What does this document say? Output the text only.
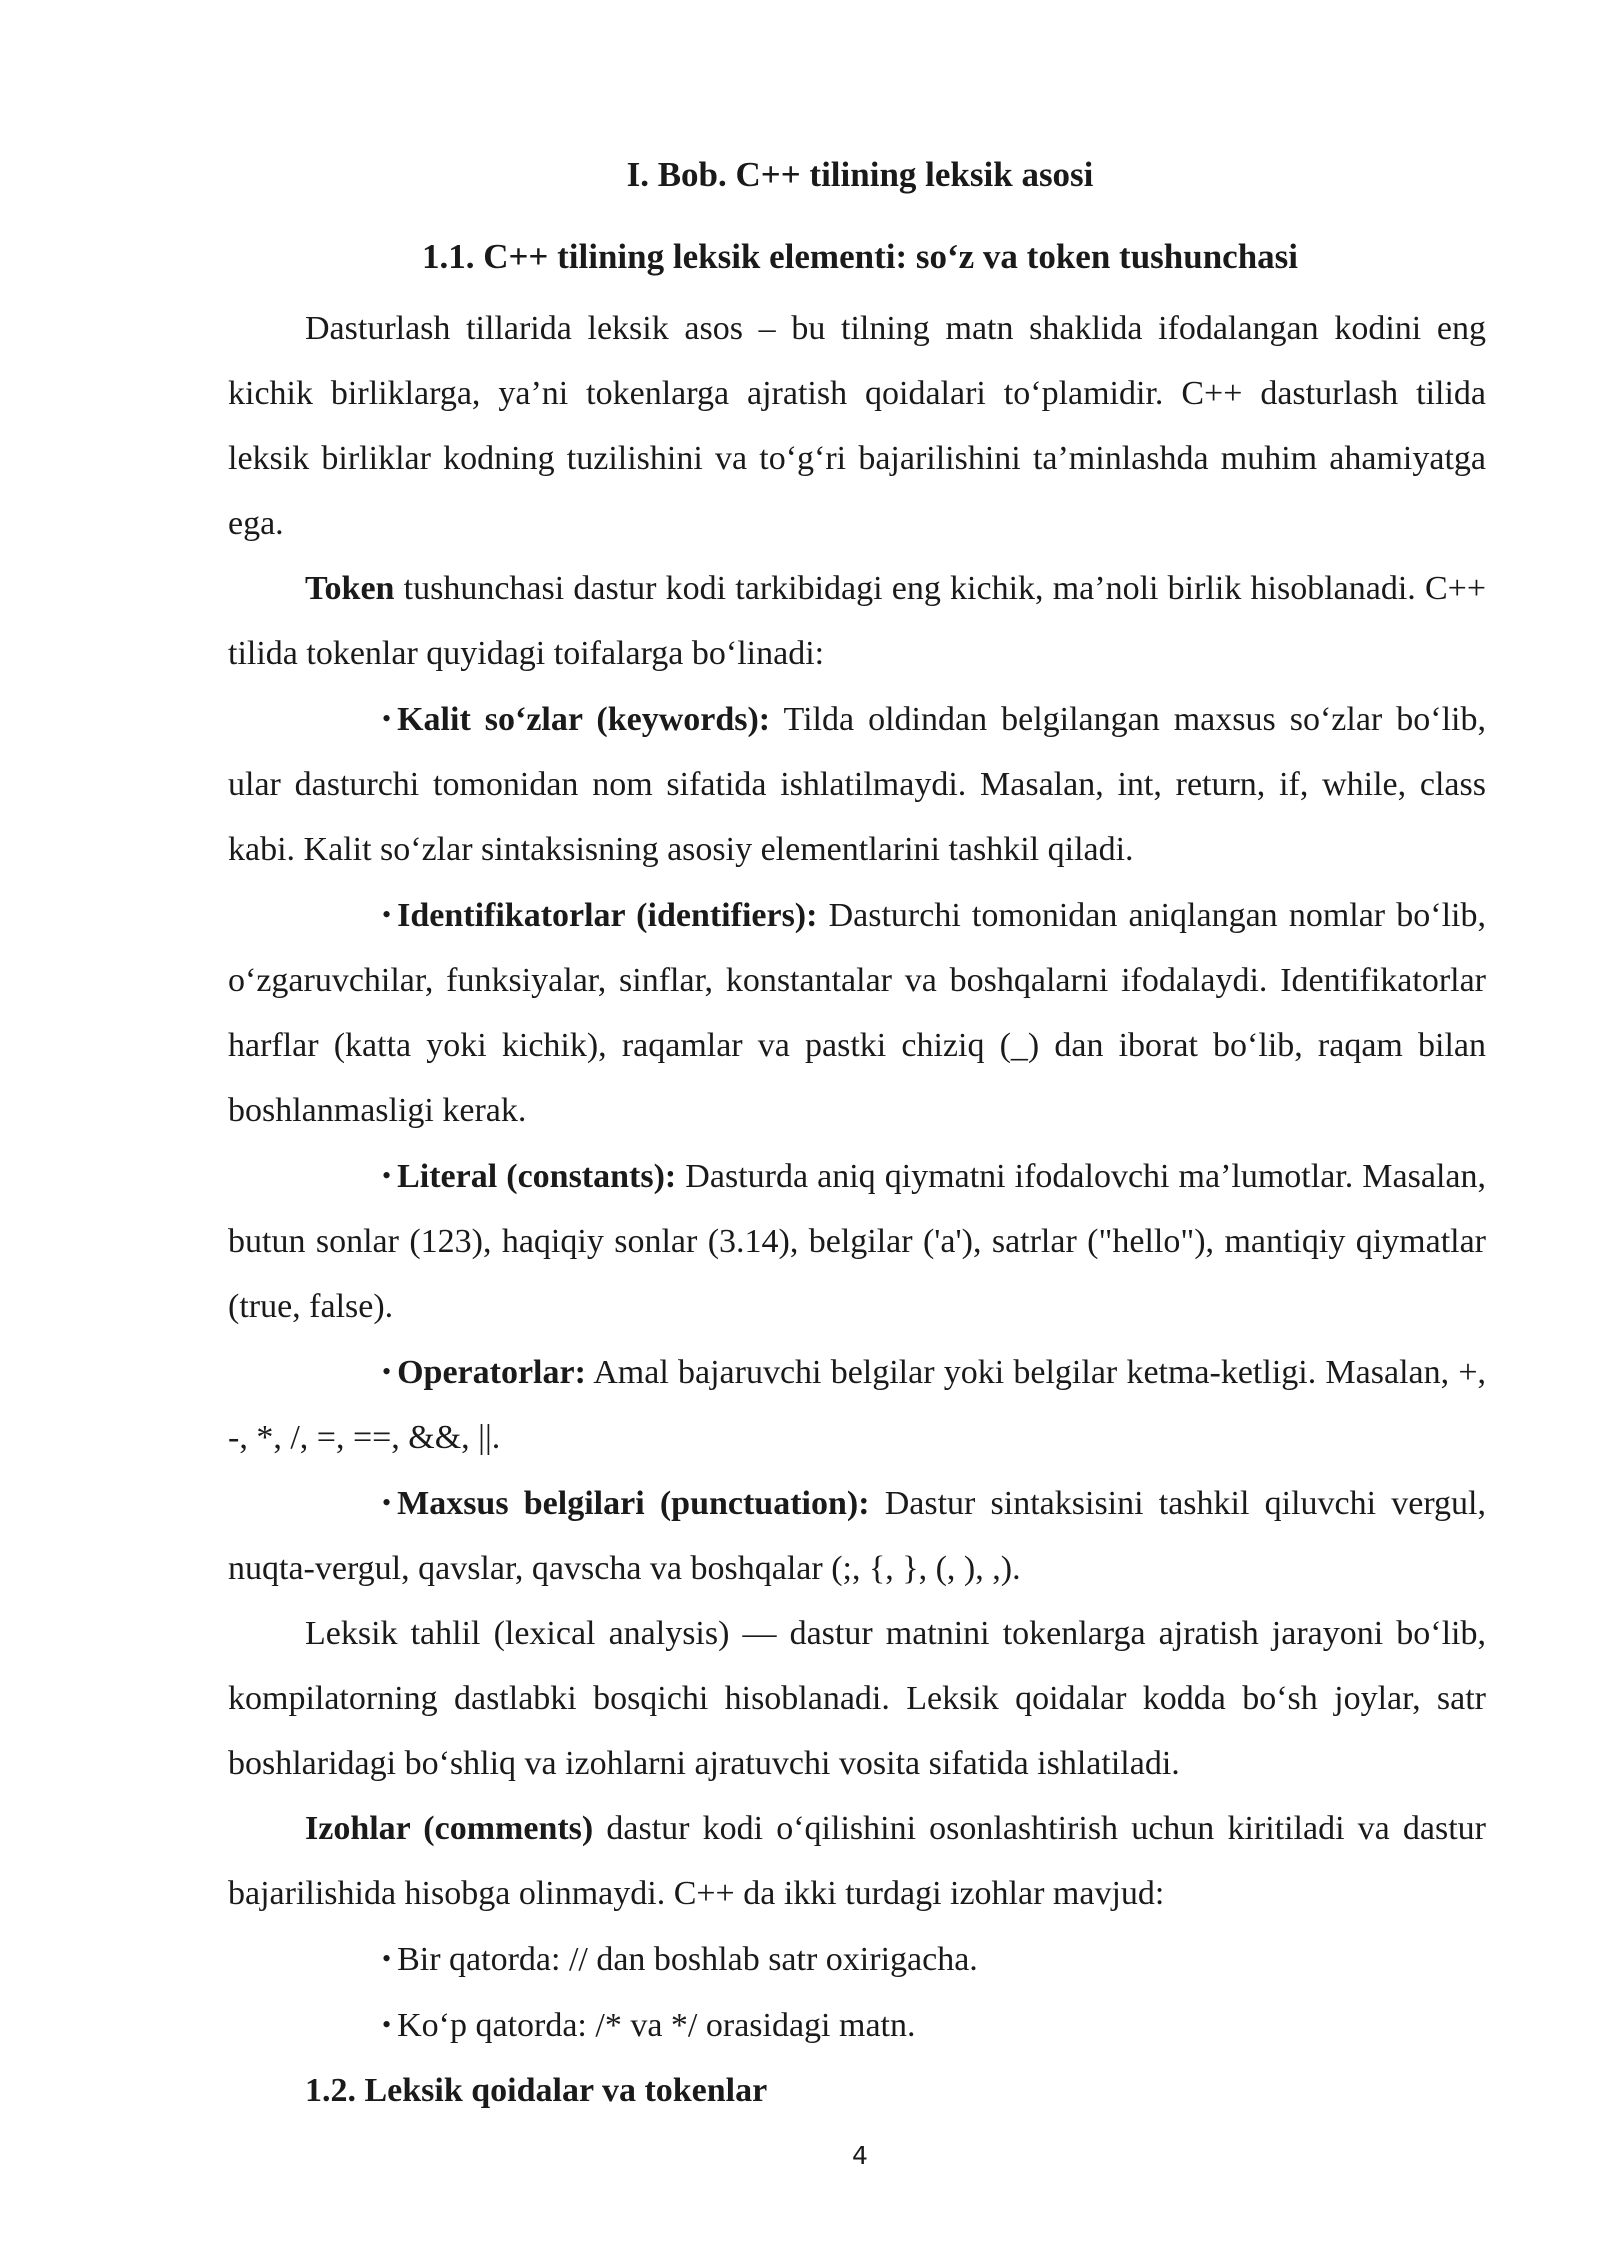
I. Bob. C++ tilining leksik asosi
1.1. C++ tilining leksik elementi: so‘z va token tushunchasi

Dasturlash tillarida leksik asos – bu tilning matn shaklida ifodalangan kodini eng kichik birliklarga, ya’ni tokenlarga ajratish qoidalari to‘plamidir. C++ dasturlash tilida leksik birliklar kodning tuzilishini va to‘g‘ri bajarilishini ta’minlashda muhim ahamiyatga ega.

Token tushunchasi dastur kodi tarkibidagi eng kichik, ma’noli birlik hisoblanadi. C++ tilida tokenlar quyidagi toifalarga bo‘linadi:

• Kalit so‘zlar (keywords): Tilda oldindan belgilangan maxsus so‘zlar bo‘lib, ular dasturchi tomonidan nom sifatida ishlatilmaydi. Masalan, int, return, if, while, class kabi. Kalit so‘zlar sintaksisning asosiy elementlarini tashkil qiladi.

• Identifikatorlar (identifiers): Dasturchi tomonidan aniqlangan nomlar bo‘lib, o‘zgaruvchilar, funksiyalar, sinflar, konstantalar va boshqalarni ifodalaydi. Identifikatorlar harflar (katta yoki kichik), raqamlar va pastki chiziq (_) dan iborat bo‘lib, raqam bilan boshlanmasligi kerak.

• Literal (constants): Dasturda aniq qiymatni ifodalovchi ma’lumotlar. Masalan, butun sonlar (123), haqiqiy sonlar (3.14), belgilar ('a'), satrlar ("hello"), mantiqiy qiymatlar (true, false).

• Operatorlar: Amal bajaruvchi belgilar yoki belgilar ketma-ketligi. Masalan, +, -, *, /, =, ==, &&, ||.

• Maxsus belgilari (punctuation): Dastur sintaksisini tashkil qiluvchi vergul, nuqta-vergul, qavslar, qavscha va boshqalar (;, {, }, (, ), ,).

Leksik tahlil (lexical analysis) — dastur matnini tokenlarga ajratish jarayoni bo‘lib, kompilatorning dastlabki bosqichi hisoblanadi. Leksik qoidalar kodda bo‘sh joylar, satr boshlaridagi bo‘shliq va izohlarni ajratuvchi vosita sifatida ishlatiladi.

Izohlar (comments) dastur kodi o‘qilishini osonlashtirish uchun kiritiladi va dastur bajarilishida hisobga olinmaydi. C++ da ikki turdagi izohlar mavjud:

• Bir qatorda: // dan boshlab satr oxirigacha.

• Ko‘p qatorda: /* va */ orasidagi matn.

1.2. Leksik qoidalar va tokenlar

4
